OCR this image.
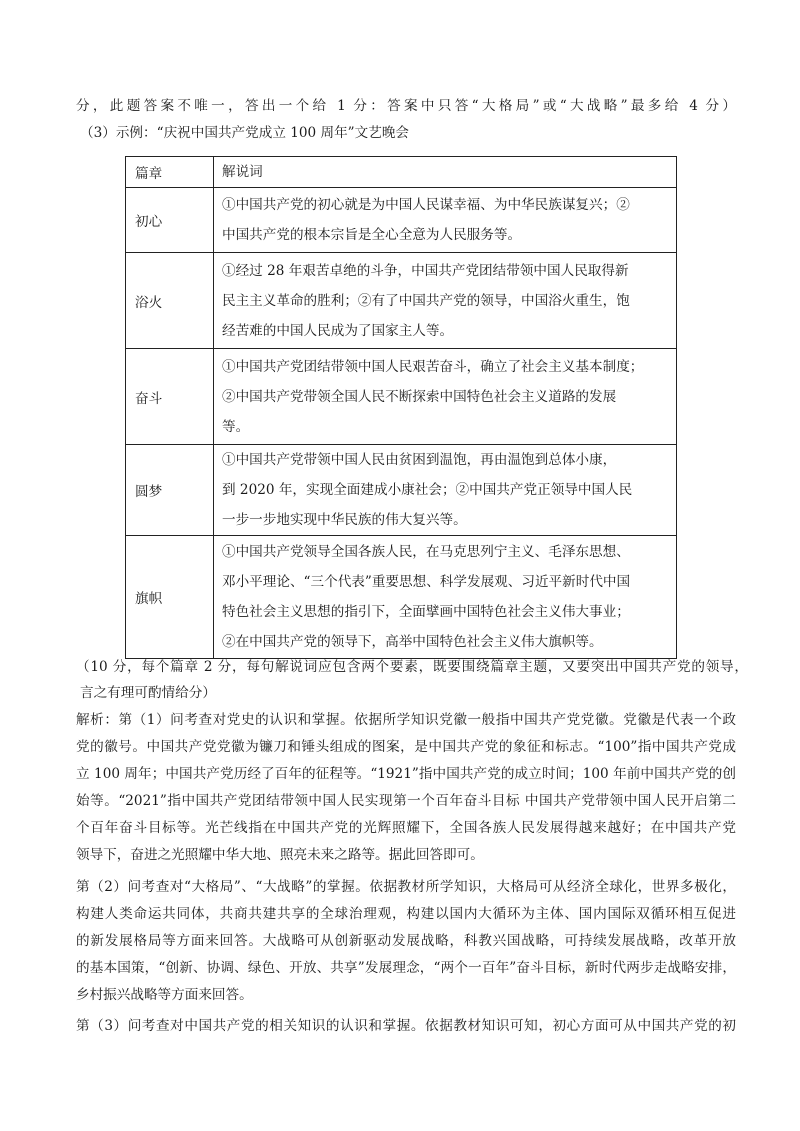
分，此题答案不唯一，答出一个给 1 分：答案中只答“大格局”或“大战略”最多给 4 分）
（3）示例：“庆祝中国共产党成立 100 周年”文艺晚会
篇章	解说词
初心	①中国共产党的初心就是为中国人民谋幸福、为中华民族谋复兴；②
中国共产党的根本宗旨是全心全意为人民服务等。

浴火	①经过 28 年艰苦卓绝的斗争，中国共产党团结带领中国人民取得新
民主主义革命的胜利；②有了中国共产党的领导，中国浴火重生，饱
经苦难的中国人民成为了国家主人等。

奋斗	①中国共产党团结带领中国人民艰苦奋斗，确立了社会主义基本制度；
②中国共产党带领全国人民不断探索中国特色社会主义道路的发展
等。

圆梦	①中国共产党带领中国人民由贫困到温饱，再由温饱到总体小康，
到 2020 年，实现全面建成小康社会；②中国共产党正领导中国人民
一步一步地实现中华民族的伟大复兴等。

旗帜	①中国共产党领导全国各族人民，在马克思列宁主义、毛泽东思想、
邓小平理论、“三个代表”重要思想、科学发展观、习近平新时代中国
特色社会主义思想的指引下，全面擘画中国特色社会主义伟大事业；
②在中国共产党的领导下，高举中国特色社会主义伟大旗帜等。
（10 分，每个篇章 2 分，每句解说词应包含两个要素，既要围绕篇章主题，又要突出中国共产党的领导，
言之有理可酌情给分）
解析：第（1）问考查对党史的认识和掌握。依据所学知识党徽一般指中国共产党党徽。党徽是代表一个政
党的徽号。中国共产党党徽为镰刀和锤头组成的图案，是中国共产党的象征和标志。“100”指中国共产党成
立 100 周年；中国共产党历经了百年的征程等。“1921”指中国共产党的成立时间；100 年前中国共产党的创
始等。“2021”指中国共产党团结带领中国人民实现第一个百年奋斗目标 中国共产党带领中国人民开启第二
个百年奋斗目标等。光芒线指在中国共产党的光辉照耀下，全国各族人民发展得越来越好；在中国共产党
领导下，奋进之光照耀中华大地、照亮未来之路等。据此回答即可。
第（2）问考查对“大格局”、“大战略”的掌握。依据教材所学知识，大格局可从经济全球化，世界多极化，
构建人类命运共同体，共商共建共享的全球治理观，构建以国内大循环为主体、国内国际双循环相互促进
的新发展格局等方面来回答。大战略可从创新驱动发展战略，科教兴国战略，可持续发展战略，改革开放
的基本国策，“创新、协调、绿色、开放、共享”发展理念，“两个一百年”奋斗目标，新时代两步走战略安排，
乡村振兴战略等方面来回答。
第（3）问考查对中国共产党的相关知识的认识和掌握。依据教材知识可知，初心方面可从中国共产党的初
